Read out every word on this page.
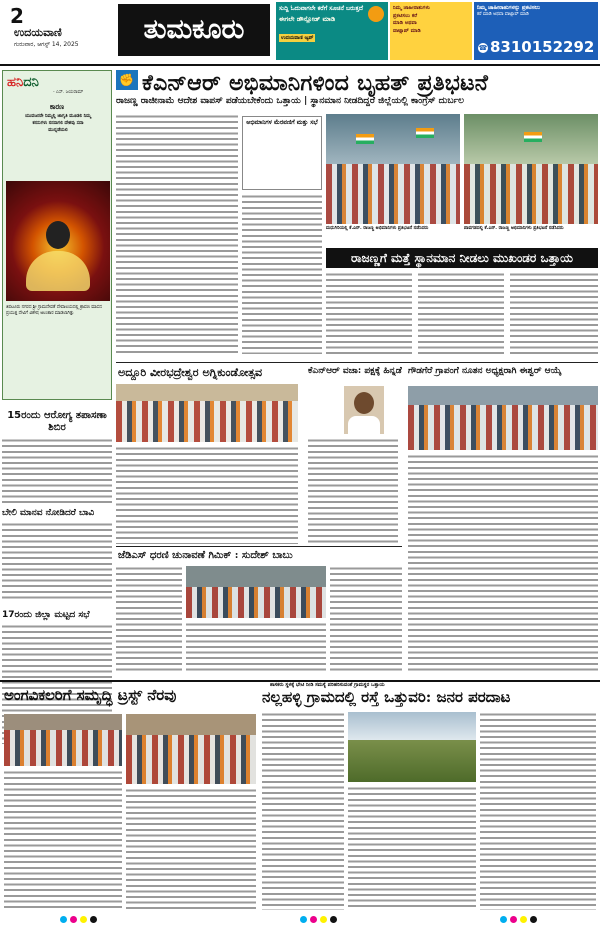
2
ಉದಯವಾಣಿ
ಗುರುವಾರ, ಆಗಸ್ಟ್ 14, 2025	ತುಮಕೂರು
ಸುದ್ದಿ ಓದುವಾಗಲೇ ಕರೆಗೆ ಸೂಚನೆ ಬರುತ್ತದೆ
ಈಗಲೇ ಡೌನ್ಲೋಡ್ ಮಾಡಿ
ಉದಯವಾಣಿ ಆ್ಯಪ್
ನಿಮ್ಮ ಜಾಹೀರಾತುಗಳು
ಪ್ರಕಟಿಸಲು ಕರೆ
ಮಾಡಿ ಅಥವಾ
ವಾಟ್ಸಾಪ್ ಮಾಡಿ
ನಿಮ್ಮ ಜಾಹೀರಾತುಗಳನ್ನು ಪ್ರಕಟಿಸಲು
ಕರೆ ಮಾಡಿ ಅಥವಾ ವಾಟ್ಸಾಪ್ ಮಾಡಿ
☎ 8310152292
ಹನಿದನಿ
- ಎಸ್. ಜಯರಾಮ್
ಕಾರಣ
ಯುವಜನರೇ ನಿಮ್ಮಲ್ಲಿ ಜಾಗೃತಿ ಮೂಡಲಿ ನಿಮ್ಮ ಕನಸುಗಳು ನನಸಾಗಲಿ ದೇಶವು ಸದಾ ಮುನ್ನಡೆಯಲಿ
ತಿಪಟೂರು ನಗರದ ಶ್ರೀ ಗ್ರಾಮದೇವತೆ ದೇವಾಲಯದಲ್ಲಿ ಶ್ರಾವಣ ಮಾಸದ ಪ್ರಯುಕ್ತ ದೇವಿಗೆ ವಿಶೇಷ ಅಲಂಕಾರ ಮಾಡಲಾಗಿತ್ತು
15ರಂದು ಆರೋಗ್ಯ ತಪಾಸಣಾ ಶಿಬಿರ
ಬೇಲಿ ಮಾನವ ನೋಡಿದರೆ ಬಾವಿ
17ರಂದು ಜಿಲ್ಲಾ ಮಟ್ಟದ ಸಭೆ
✊ ಕೆಎನ್ಆರ್ ಅಭಿಮಾನಿಗಳಿಂದ ಬೃಹತ್ ಪ್ರತಿಭಟನೆ
ರಾಜಣ್ಣ ರಾಜೀನಾಮೆ ಆದೇಶ ವಾಪಸ್ ಪಡೆಯಬೇಕೆಂದು ಒತ್ತಾಯ | ಸ್ಥಾನಮಾನ ನೀಡದಿದ್ದರೆ ಜಿಲ್ಲೆಯಲ್ಲಿ ಕಾಂಗ್ರೆಸ್ ದುರ್ಬಲ
ಅಭಿಮಾನಿಗಳ ಮೆರವಣಿಗೆ ಮತ್ತು ಸಭೆ
ಮಧುಗಿರಿಯಲ್ಲಿ ಕೆ.ಎನ್. ರಾಜಣ್ಣ ಅಭಿಮಾನಿಗಳು ಪ್ರತಿಭಟನೆ ನಡೆಸಿದರು	ಪಾವಗಡದಲ್ಲಿ ಕೆ.ಎನ್. ರಾಜಣ್ಣ ಅಭಿಮಾನಿಗಳು ಪ್ರತಿಭಟನೆ ನಡೆಸಿದರು
ರಾಜಣ್ಣಗೆ ಮತ್ತೆ ಸ್ಥಾನಮಾನ ನೀಡಲು ಮುಖಂಡರ ಒತ್ತಾಯ
ಅದ್ದೂರಿ ವೀರಭದ್ರೇಶ್ವರ ಅಗ್ನಿಕುಂಡೋತ್ಸವ	ಕೆಎನ್ಆರ್ ವಜಾ: ಪಕ್ಷಕ್ಕೆ ಹಿನ್ನಡೆ ಗೌಡಗೆರೆ ಗ್ರಾಪಂಗೆ ನೂತನ ಅಧ್ಯಕ್ಷರಾಗಿ ಈಶ್ವರ್ ಆಯ್ಕೆ
ಜೆಡಿಎಸ್ ಧರಣಿ ಚುನಾವಣೆ ಗಿಮಿಕ್ : ಸುದೇಶ್ ಬಾಬು
ಶಾಸಕರು ಸ್ಥಳಕ್ಕೆ ಭೇಟಿ ನೀಡಿ ಸಮಸ್ಯೆ ಪರಿಹರಿಸುವಂತೆ ಗ್ರಾಮಸ್ಥರ ಒತ್ತಾಯ
ಅಂಗವಿಕಲರಿಗೆ ಸಮೃದ್ಧಿ ಟ್ರಸ್ಟ್ ನೆರವು	ನಲ್ಲಹಳ್ಳಿ ಗ್ರಾಮದಲ್ಲಿ ರಸ್ತೆ ಒತ್ತುವರಿ: ಜನರ ಪರದಾಟ
